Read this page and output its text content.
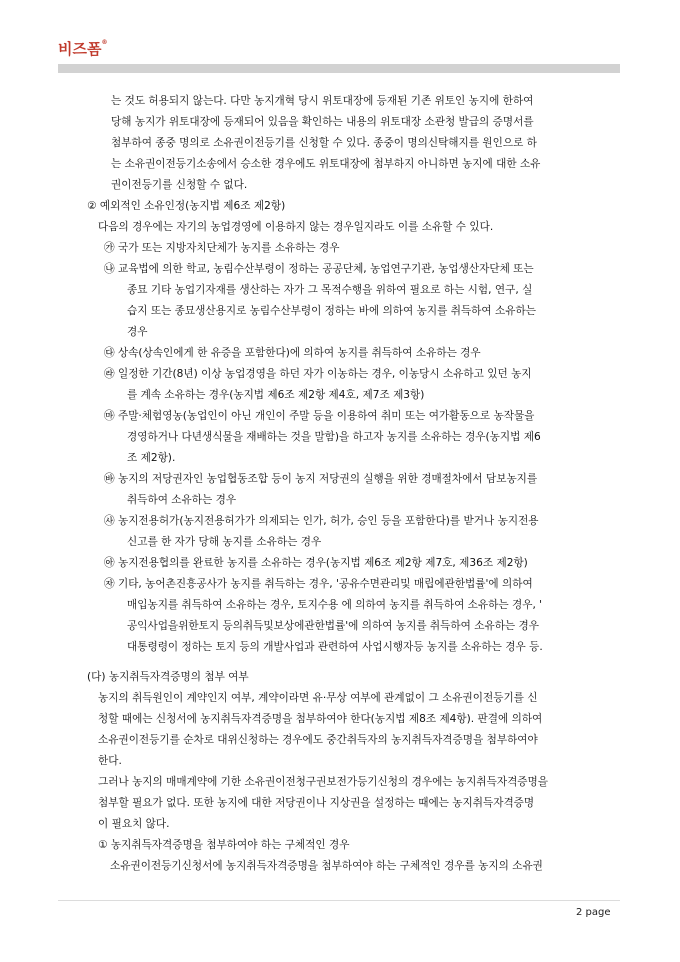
비즈폼®
는 것도 허용되지 않는다. 다만 농지개혁 당시 위토대장에 등재된 기존 위토인 농지에 한하여
당해 농지가 위토대장에 등재되어 있음을 확인하는 내용의 위토대장 소관청 발급의 증명서를
첨부하여 종중 명의로 소유권이전등기를 신청할 수 있다. 종중이 명의신탁해지를 원인으로 하
는 소유권이전등기소송에서 승소한 경우에도 위토대장에 첨부하지 아니하면 농지에 대한 소유
권이전등기를 신청할 수 없다.
② 예외적인 소유인정(농지법 제6조 제2항)
다음의 경우에는 자기의 농업경영에 이용하지 않는 경우일지라도 이를 소유할 수 있다.
㉮ 국가 또는 지방자치단체가 농지를 소유하는 경우
㉯ 교육법에 의한 학교, 농림수산부령이 정하는 공공단체, 농업연구기관, 농업생산자단체 또는
종묘 기타 농업기자재를 생산하는 자가 그 목적수행을 위하여 필요로 하는 시험, 연구, 실
습지 또는 종묘생산용지로 농림수산부령이 정하는 바에 의하여 농지를 취득하여 소유하는
경우
㉰ 상속(상속인에게 한 유증을 포함한다)에 의하여 농지를 취득하여 소유하는 경우
㉱ 일정한 기간(8년) 이상 농업경영을 하던 자가 이농하는 경우, 이농당시 소유하고 있던 농지
를 계속 소유하는 경우(농지법 제6조 제2항 제4호, 제7조 제3항)
㉲ 주말·체험영농(농업인이 아닌 개인이 주말 등을 이용하여 취미 또는 여가활동으로 농작물을
경영하거나 다년생식물을 재배하는 것을 말함)을 하고자 농지를 소유하는 경우(농지법 제6
조 제2항).
㉳ 농지의 저당권자인 농업협동조합 등이 농지 저당권의 실행을 위한 경매절차에서 담보농지를
취득하여 소유하는 경우
㉴ 농지전용허가(농지전용허가가 의제되는 인가, 허가, 승인 등을 포함한다)를 받거나 농지전용
신고를 한 자가 당해 농지를 소유하는 경우
㉵ 농지전용협의를 완료한 농지를 소유하는 경우(농지법 제6조 제2항 제7호, 제36조 제2항)
㉶ 기타, 농어촌진흥공사가 농지를 취득하는 경우, '공유수면관리및 매립에관한법률'에 의하여
매입농지를 취득하여 소유하는 경우, 토지수용 에 의하여 농지를 취득하여 소유하는 경우, '
공익사업을위한토지 등의취득및보상에관한법률'에 의하여 농지를 취득하여 소유하는 경우
대통령령이 정하는 토지 등의 개발사업과 관련하여 사업시행자등 농지를 소유하는 경우 등.
(다) 농지취득자격증명의 첨부 여부
농지의 취득원인이 계약인지 여부, 계약이라면 유·무상 여부에 관계없이 그 소유권이전등기를 신
청할 때에는 신청서에 농지취득자격증명을 첨부하여야 한다(농지법 제8조 제4항). 판결에 의하여
소유권이전등기를 순차로 대위신청하는 경우에도 중간취득자의 농지취득자격증명을 첨부하여야
한다.
그러나 농지의 매매계약에 기한 소유권이전청구권보전가등기신청의 경우에는 농지취득자격증명을
첨부할 필요가 없다. 또한 농지에 대한 저당권이나 지상권을 설정하는 때에는 농지취득자격증명
이 필요치 않다.
① 농지취득자격증명을 첨부하여야 하는 구체적인 경우
소유권이전등기신청서에 농지취득자격증명을 첨부하여야 하는 구체적인 경우를 농지의 소유권
2 page
